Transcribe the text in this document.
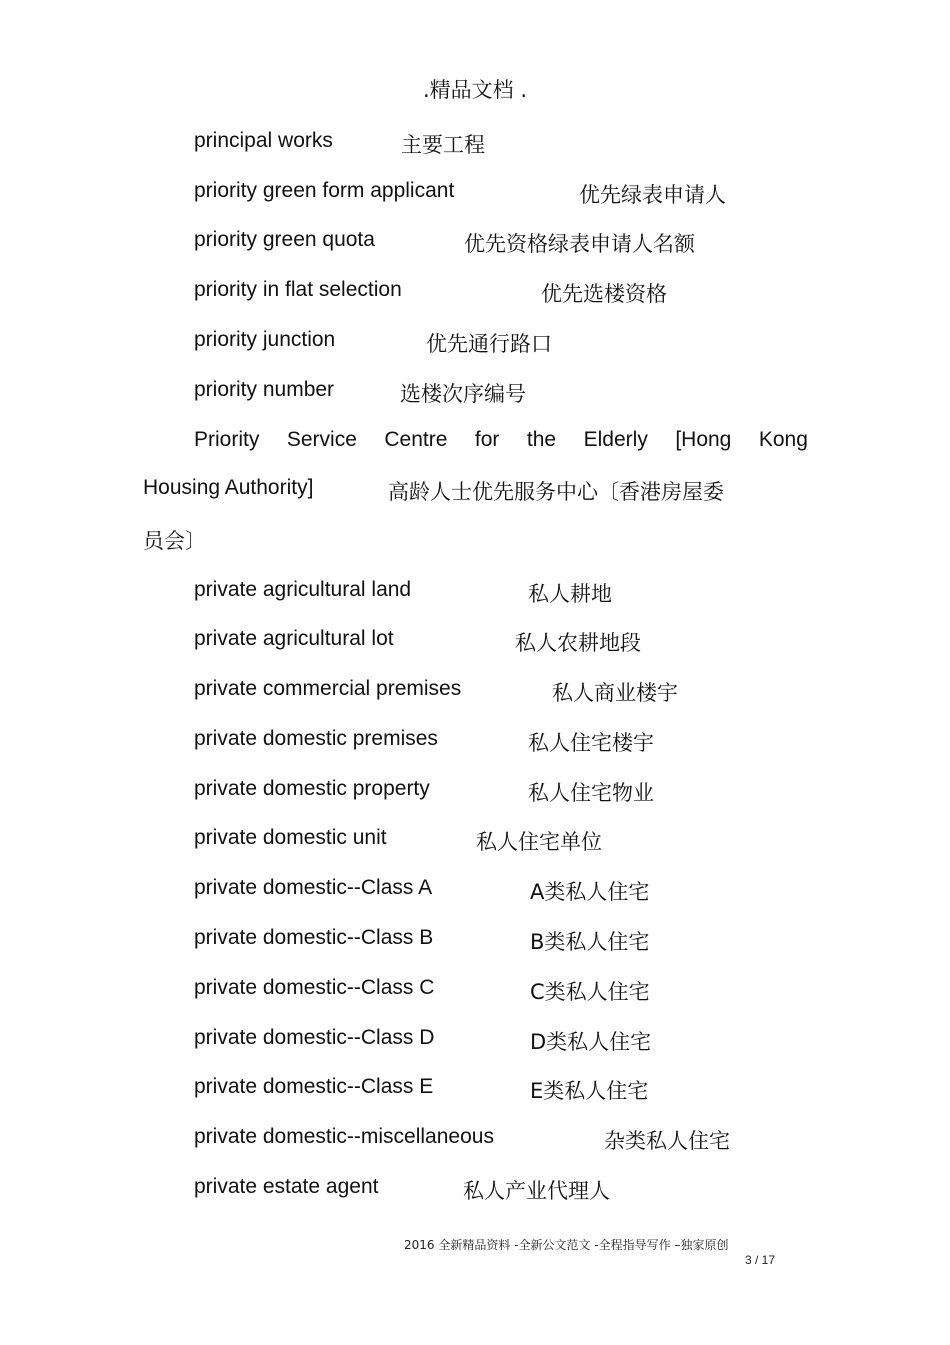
.精品文档 .
principal works	主要工程
priority green form applicant	优先绿表申请人
priority green quota	优先资格绿表申请人名额
priority in flat selection	优先选楼资格
priority junction	优先通行路口
priority number	选楼次序编号
Priority Service Centre for the Elderly [Hong Kong
Housing Authority]	高龄人士优先服务中心〔香港房屋委
员会〕
private agricultural land	私人耕地
private agricultural lot	私人农耕地段
private commercial premises	私人商业楼宇
private domestic premises	私人住宅楼宇
private domestic property	私人住宅物业
private domestic unit	私人住宅单位
private domestic--Class A	A类私人住宅
private domestic--Class B	B类私人住宅
private domestic--Class C	C类私人住宅
private domestic--Class D	D类私人住宅
private domestic--Class E	E类私人住宅
private domestic--miscellaneous	杂类私人住宅
private estate agent	私人产业代理人
2016 全新精品资料 -全新公文范文 -全程指导写作 –独家原创
3 / 17
